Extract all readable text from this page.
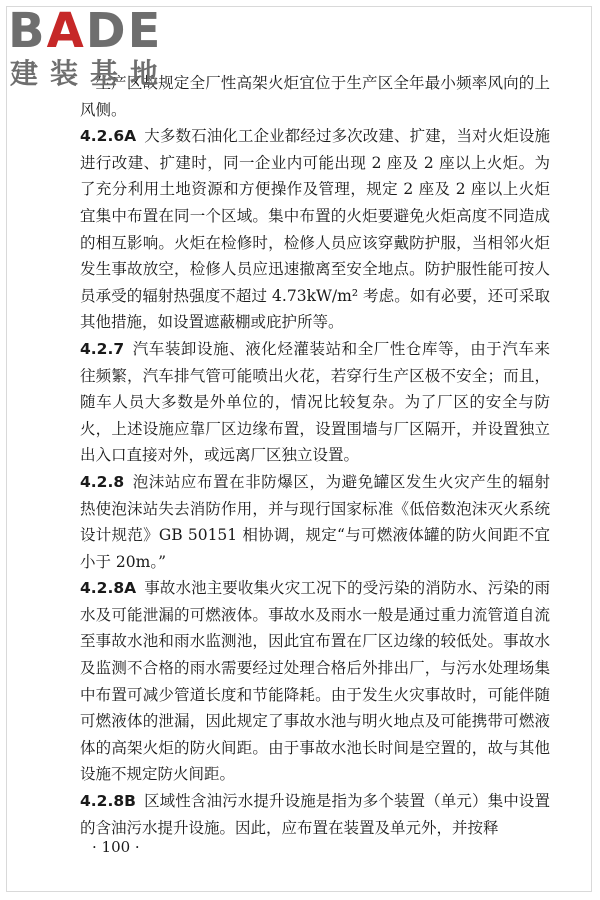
BADE
建装基地

生产区故规定全厂性高架火炬宜位于生产区全年最小频率风向的上风侧。

4.2.6A 大多数石油化工企业都经过多次改建、扩建，当对火炬设施进行改建、扩建时，同一企业内可能出现 2 座及 2 座以上火炬。为了充分利用土地资源和方便操作及管理，规定 2 座及 2 座以上火炬宜集中布置在同一个区域。集中布置的火炬要避免火炬高度不同造成的相互影响。火炬在检修时，检修人员应该穿戴防护服，当相邻火炬发生事故放空，检修人员应迅速撤离至安全地点。防护服性能可按人员承受的辐射热强度不超过 4.73kW/m² 考虑。如有必要，还可采取其他措施，如设置遮蔽棚或庇护所等。

4.2.7 汽车装卸设施、液化烃灌装站和全厂性仓库等，由于汽车来往频繁，汽车排气管可能喷出火花，若穿行生产区极不安全；而且，随车人员大多数是外单位的，情况比较复杂。为了厂区的安全与防火，上述设施应靠厂区边缘布置，设置围墙与厂区隔开，并设置独立出入口直接对外，或远离厂区独立设置。

4.2.8 泡沫站应布置在非防爆区，为避免罐区发生火灾产生的辐射热使泡沫站失去消防作用，并与现行国家标准《低倍数泡沫灭火系统设计规范》GB 50151 相协调，规定“与可燃液体罐的防火间距不宜小于 20m。”

4.2.8A 事故水池主要收集火灾工况下的受污染的消防水、污染的雨水及可能泄漏的可燃液体。事故水及雨水一般是通过重力流管道自流至事故水池和雨水监测池，因此宜布置在厂区边缘的较低处。事故水及监测不合格的雨水需要经过处理合格后外排出厂，与污水处理场集中布置可减少管道长度和节能降耗。由于发生火灾事故时，可能伴随可燃液体的泄漏，因此规定了事故水池与明火地点及可能携带可燃液体的高架火炬的防火间距。由于事故水池长时间是空置的，故与其他设施不规定防火间距。

4.2.8B 区域性含油污水提升设施是指为多个装置（单元）集中设置的含油污水提升设施。因此，应布置在装置及单元外，并按释

· 100 ·
